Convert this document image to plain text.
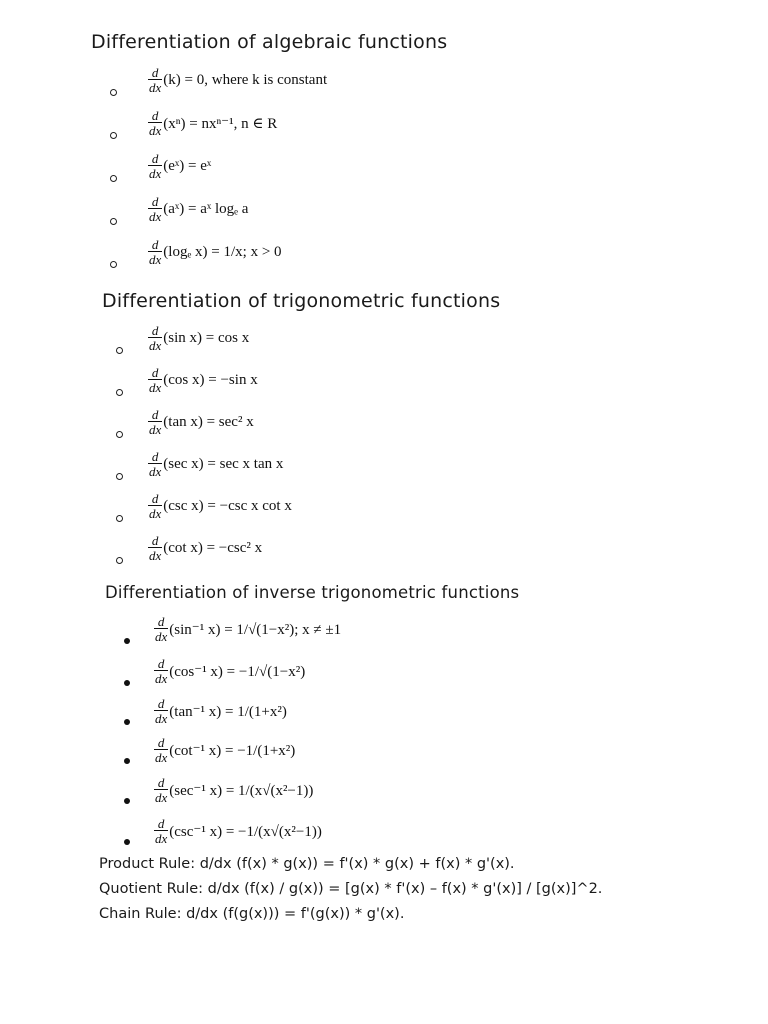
Differentiation of algebraic functions
$\frac{d}{dx} (k) = 0$, where k is constant
$\frac{d}{dx} (x^n) = nx^{n-1}$, n ∈ R
$\frac{d}{dx}$ (eˣ) = eˣ
$\frac{d}{dx}$ (aˣ) = aˣ logₑ a
$\frac{d}{dx} (\log_e$ x) = 1/x; x > 0
Differentiation of trigonometric functions
$\frac{d}{dx} (\sin$ x) = cos x
$\frac{d}{dx} (\cos$ x) = −sin x
$\frac{d}{dx} (\tan$ x) = sec² x
$\frac{d}{dx} (\sec$ x) = sec x tan x
$\frac{d}{dx} (\csc$ x) = −csc x cot x
$\frac{d}{dx} (\cot$ x) = −csc² x
Differentiation of inverse trigonometric functions
$\frac{d}{dx} (\sin^{-1}$ x) = 1/√(1−x²); x ≠ ±1
$\frac{d}{dx} (\cos^{-1}$ x) = −1/√(1−x²)
$\frac{d}{dx} (\tan^{-1}$ x) = 1/(1+x²)
$\frac{d}{dx} (\cot^{-1}$ x) = −1/(1+x²)
$\frac{d}{dx} (\sec^{-1}$ x) = 1/(x√(x²−1))
$\frac{d}{dx} (\csc^{-1}$ x) = −1/(x√(x²−1))
Product Rule: d/dx (f(x) * g(x)) = f'(x) * g(x) + f(x) * g'(x).
Quotient Rule: d/dx (f(x) / g(x)) = [g(x) * f'(x) – f(x) * g'(x)] / [g(x)]^2.
Chain Rule: d/dx (f(g(x))) = f'(g(x)) * g'(x).
